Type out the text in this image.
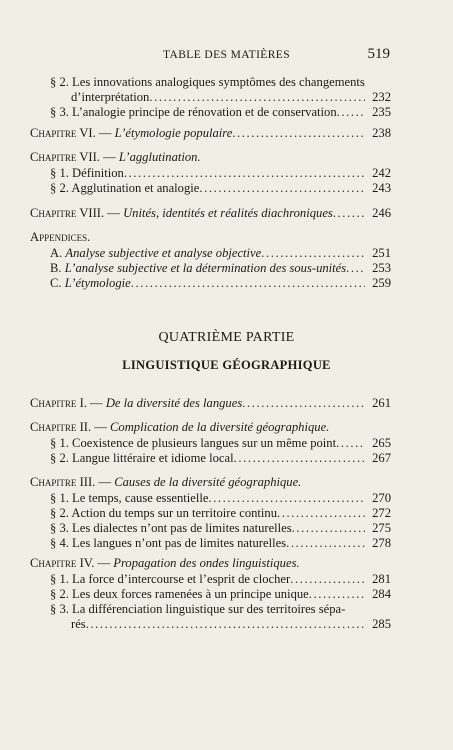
TABLE DES MATIÈRES	519
§ 2. Les innovations analogiques symptômes des changements
d’interprétation .....	232
§ 3. L’analogie principe de rénovation et de conservation .....	235
Chapitre VI. — L’étymologie populaire .....	238
Chapitre VII. — L’agglutination.
§ 1. Définition .....	242
§ 2. Agglutination et analogie .....	243
Chapitre VIII. — Unités, identités et réalités diachroniques .....	246
Appendices.
A. Analyse subjective et analyse objective .....	251
B. L’analyse subjective et la détermination des sous-unités .....	253
C. L’étymologie .....	259
QUATRIÈME PARTIE
LINGUISTIQUE GÉOGRAPHIQUE
Chapitre I. — De la diversité des langues .....	261
Chapitre II. — Complication de la diversité géographique.
§ 1. Coexistence de plusieurs langues sur un même point .....	265
§ 2. Langue littéraire et idiome local .....	267
Chapitre III. — Causes de la diversité géographique.
§ 1. Le temps, cause essentielle .....	270
§ 2. Action du temps sur un territoire continu .....	272
§ 3. Les dialectes n’ont pas de limites naturelles .....	275
§ 4. Les langues n’ont pas de limites naturelles .....	278
Chapitre IV. — Propagation des ondes linguistiques.
§ 1. La force d’intercourse et l’esprit de clocher .....	281
§ 2. Les deux forces ramenées à un principe unique .....	284
§ 3. La différenciation linguistique sur des territoires sépa-
rés .....	285
